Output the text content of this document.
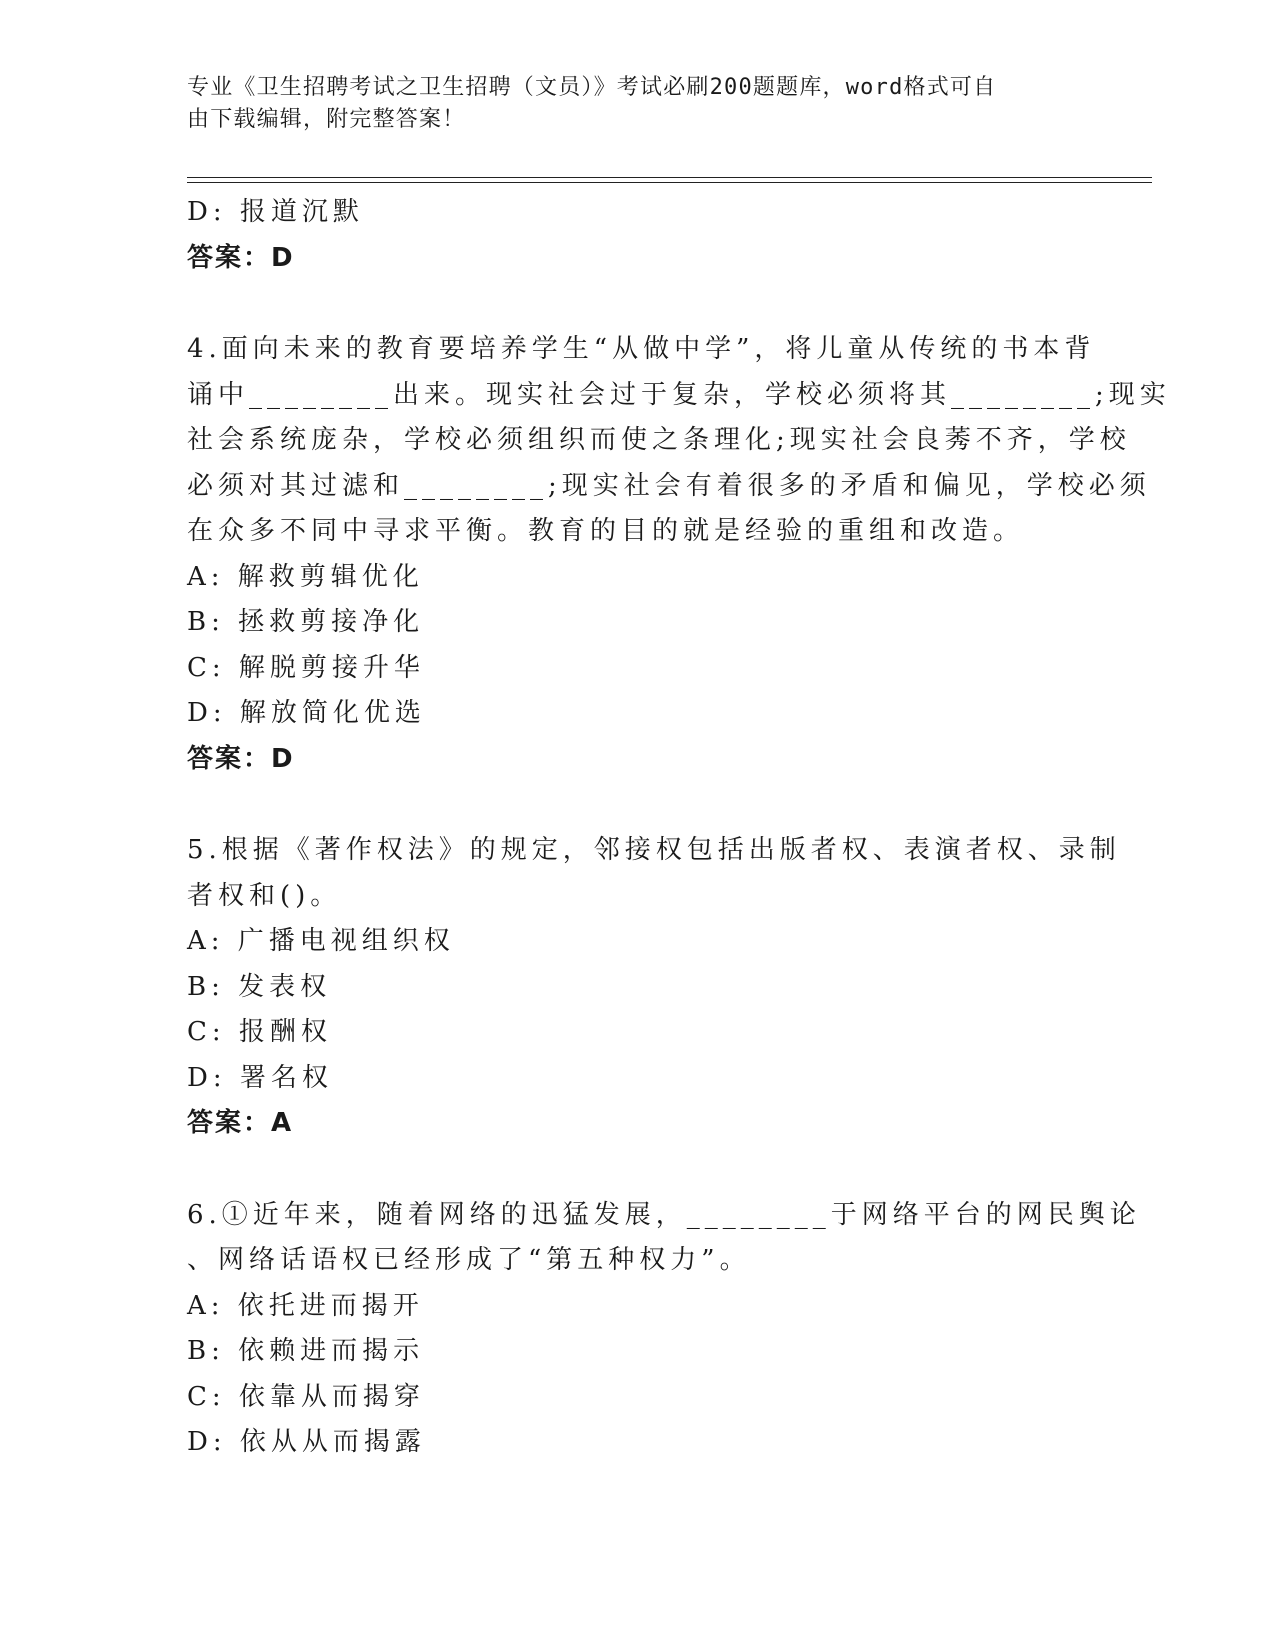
专业《卫生招聘考试之卫生招聘（文员）》考试必刷200题题库，word格式可自
由下载编辑，附完整答案！
D: 报道沉默
答案：D
4.面向未来的教育要培养学生“从做中学”，将儿童从传统的书本背
诵中________出来。现实社会过于复杂，学校必须将其________;现实
社会系统庞杂，学校必须组织而使之条理化;现实社会良莠不齐，学校
必须对其过滤和________;现实社会有着很多的矛盾和偏见，学校必须
在众多不同中寻求平衡。教育的目的就是经验的重组和改造。
A: 解救剪辑优化
B: 拯救剪接净化
C: 解脱剪接升华
D: 解放简化优选
答案：D
5.根据《著作权法》的规定，邻接权包括出版者权、表演者权、录制
者权和()。
A: 广播电视组织权
B: 发表权
C: 报酬权
D: 署名权
答案：A
6.①近年来，随着网络的迅猛发展，________于网络平台的网民舆论
、网络话语权已经形成了“第五种权力”。
A: 依托进而揭开
B: 依赖进而揭示
C: 依靠从而揭穿
D: 依从从而揭露
